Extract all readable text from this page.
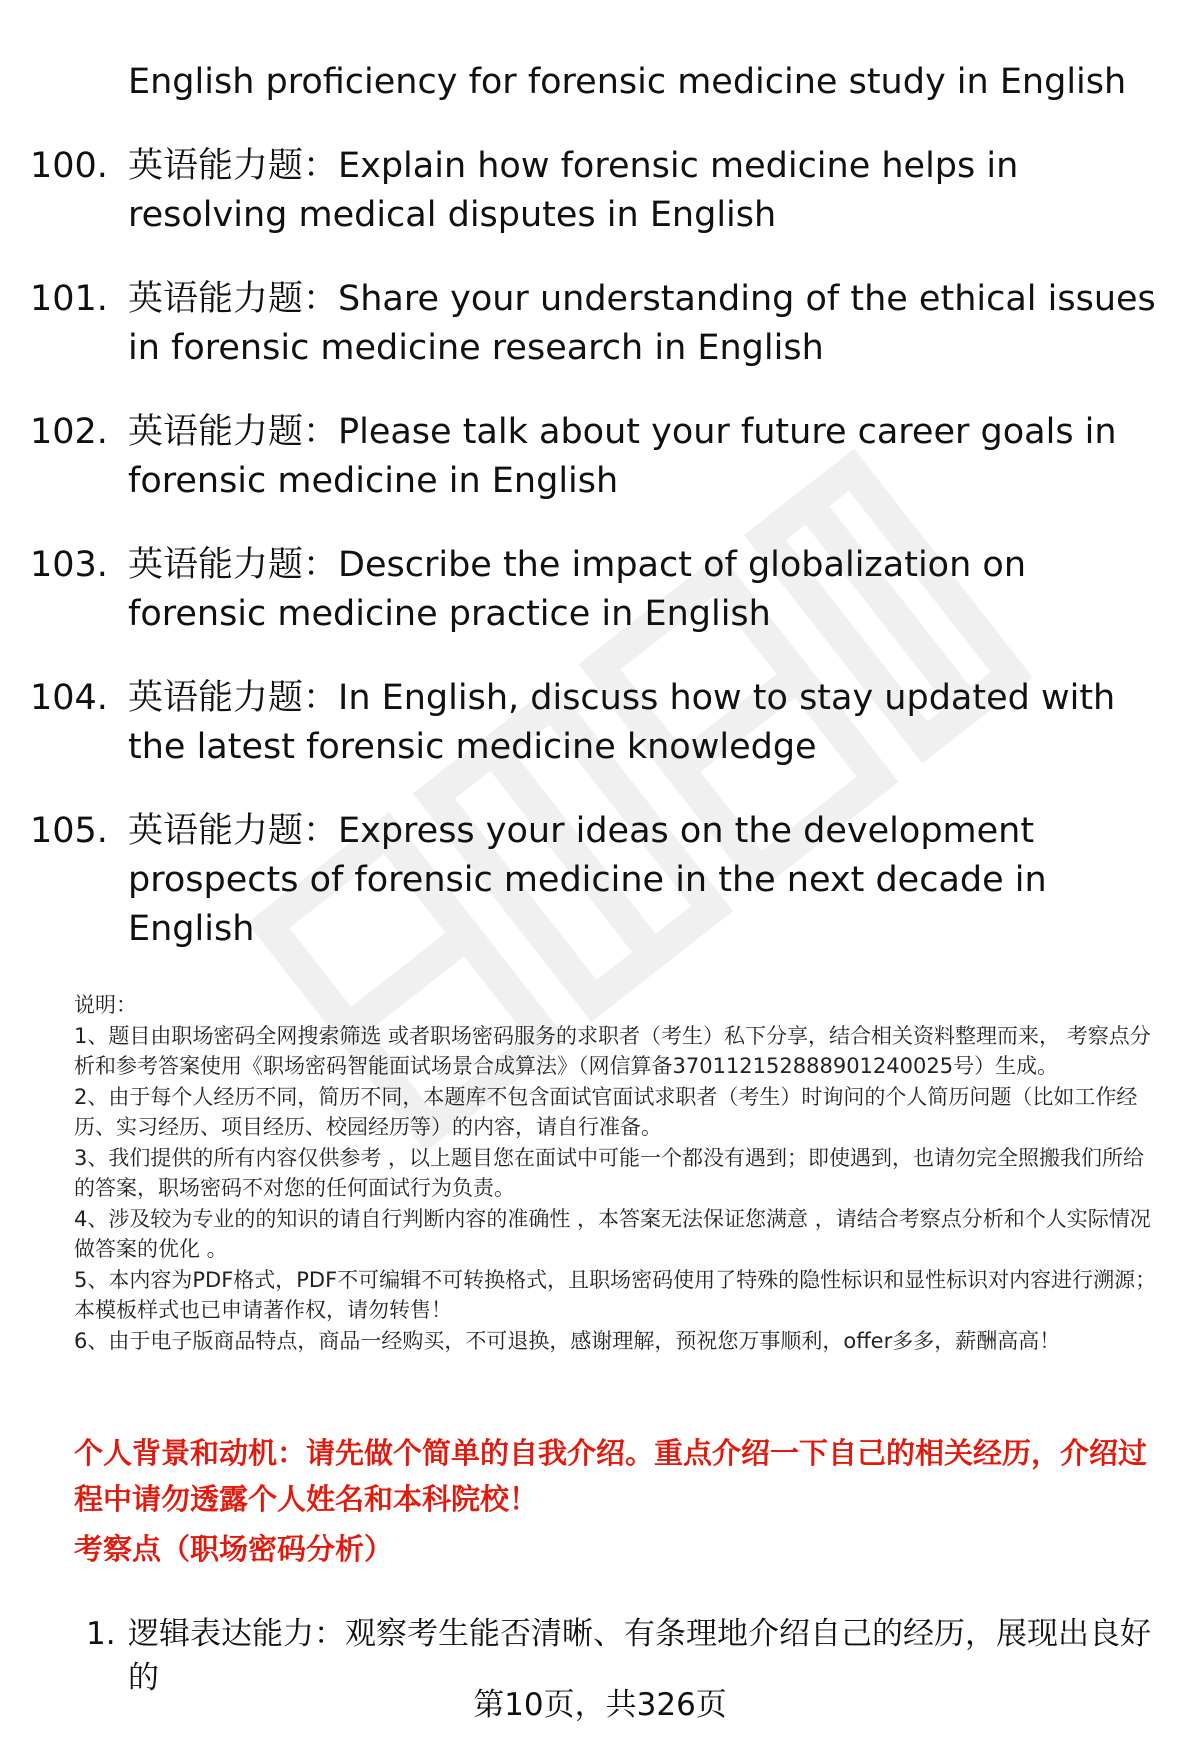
English proficiency for forensic medicine study in English
100. 英语能力题：Explain how forensic medicine helps in resolving medical disputes in English
101. 英语能力题：Share your understanding of the ethical issues in forensic medicine research in English
102. 英语能力题：Please talk about your future career goals in forensic medicine in English
103. 英语能力题：Describe the impact of globalization on forensic medicine practice in English
104. 英语能力题：In English, discuss how to stay updated with the latest forensic medicine knowledge
105. 英语能力题：Express your ideas on the development prospects of forensic medicine in the next decade in English

说明：

1、题目由职场密码全网搜索筛选 或者职场密码服务的求职者（考生）私下分享，结合相关资料整理而来， 考察点分析和参考答案使用《职场密码智能面试场景合成算法》（网信算备370112152888901240025号）生成。

2、由于每个人经历不同，简历不同，本题库不包含面试官面试求职者（考生）时询问的个人简历问题（比如工作经历、实习经历、项目经历、校园经历等）的内容，请自行准备。

3、我们提供的所有内容仅供参考 ，以上题目您在面试中可能一个都没有遇到；即使遇到，也请勿完全照搬我们所给的答案，职场密码不对您的任何面试行为负责。

4、涉及较为专业的的知识的请自行判断内容的准确性 ，本答案无法保证您满意 ，请结合考察点分析和个人实际情况做答案的优化 。

5、本内容为PDF格式，PDF不可编辑不可转换格式，且职场密码使用了特殊的隐性标识和显性标识对内容进行溯源；本模板样式也已申请著作权，请勿转售！

6、由于电子版商品特点，商品一经购买，不可退换，感谢理解，预祝您万事顺利，offer多多，薪酬高高！

个人背景和动机：请先做个简单的自我介绍。重点介绍一下自己的相关经历，介绍过程中请勿透露个人姓名和本科院校！

考察点（职场密码分析）

1. 逻辑表达能力：观察考生能否清晰、有条理地介绍自己的经历，展现出良好的
第10页，共326页
